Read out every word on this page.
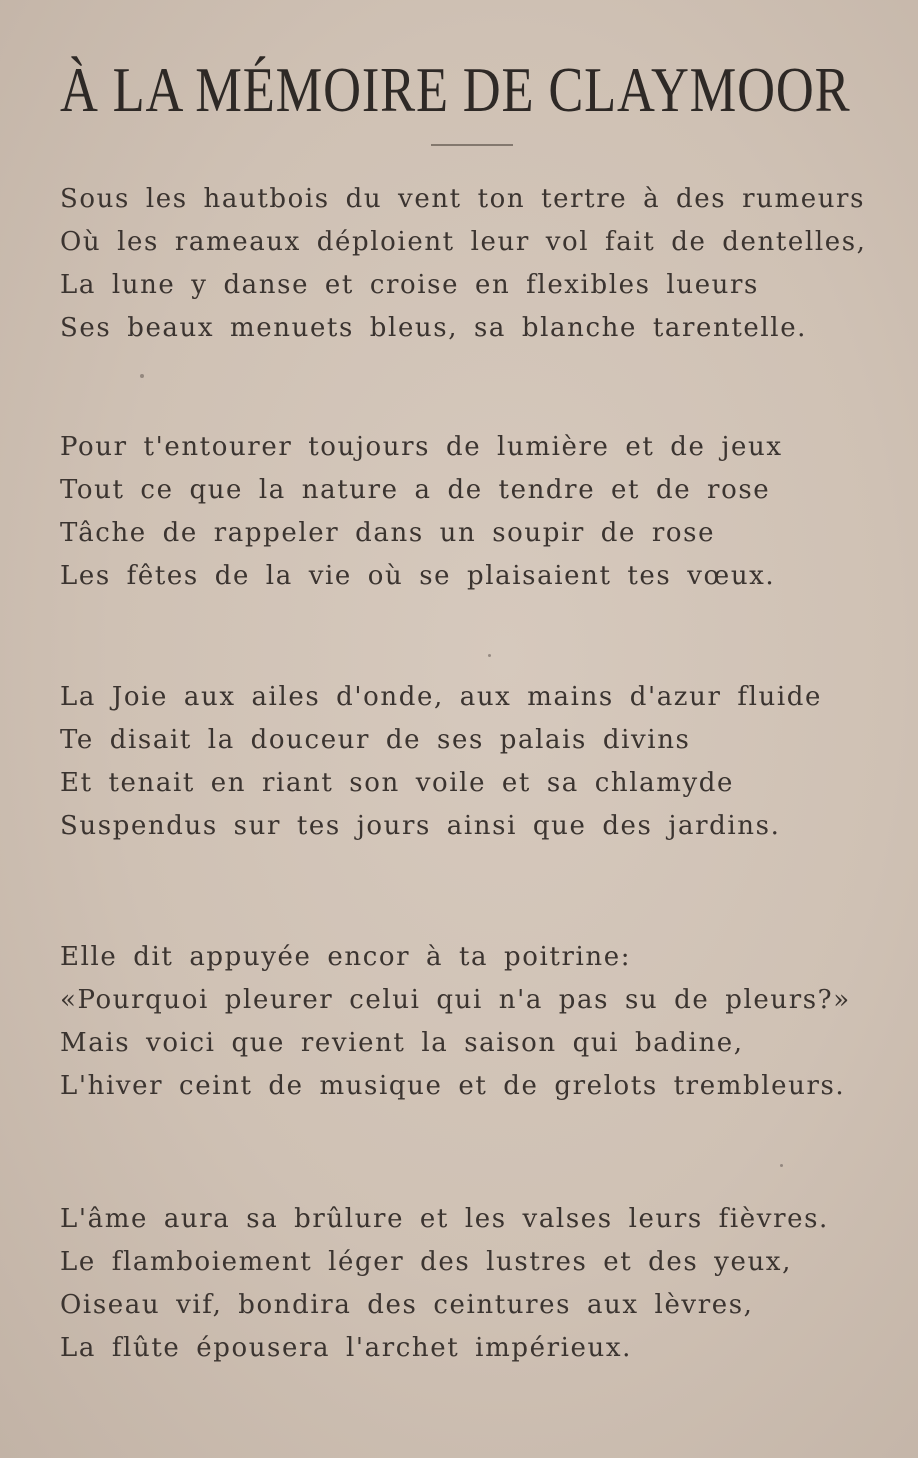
À LA MÉMOIRE DE CLAYMOOR
Sous les hautbois du vent ton tertre à des rumeurs
Où les rameaux déploient leur vol fait de dentelles,
La lune y danse et croise en flexibles lueurs
Ses beaux menuets bleus, sa blanche tarentelle.
Pour t'entourer toujours de lumière et de jeux
Tout ce que la nature a de tendre et de rose
Tâche de rappeler dans un soupir de rose
Les fêtes de la vie où se plaisaient tes vœux.
La Joie aux ailes d'onde, aux mains d'azur fluide
Te disait la douceur de ses palais divins
Et tenait en riant son voile et sa chlamyde
Suspendus sur tes jours ainsi que des jardins.
Elle dit appuyée encor à ta poitrine:
«Pourquoi pleurer celui qui n'a pas su de pleurs?»
Mais voici que revient la saison qui badine,
L'hiver ceint de musique et de grelots trembleurs.
L'âme aura sa brûlure et les valses leurs fièvres.
Le flamboiement léger des lustres et des yeux,
Oiseau vif, bondira des ceintures aux lèvres,
La flûte épousera l'archet impérieux.
